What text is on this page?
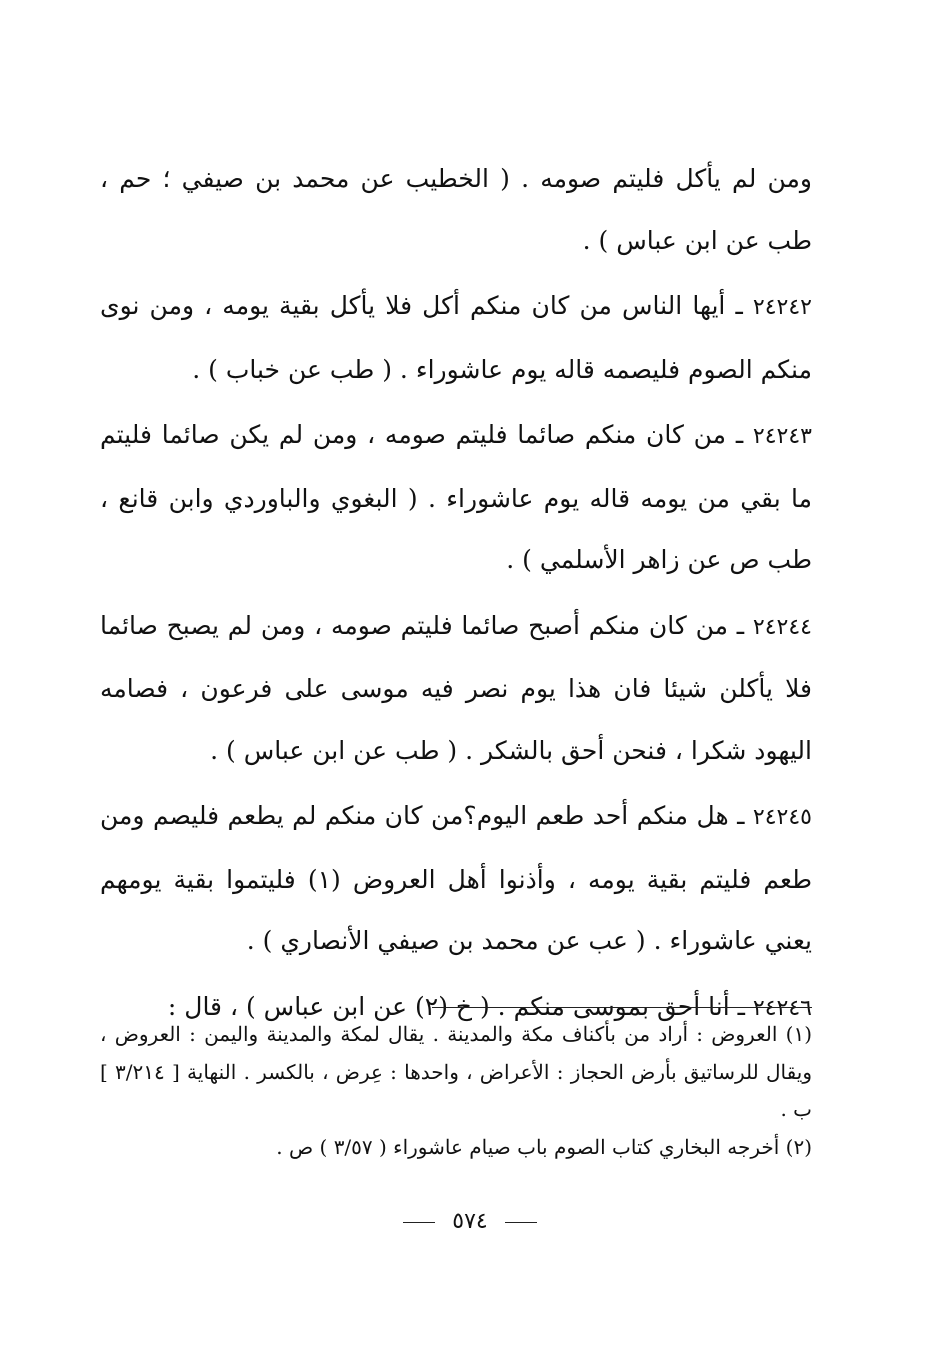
ومن لم يأكل فليتم صومه . ( الخطيب عن محمد بن صيفي ؛ حم ، طب عن ابن عباس ) .

٢٤٢٤٢ ـ أيها الناس من كان منكم أكل فلا يأكل بقية يومه ، ومن نوى منكم الصوم فليصمه قاله يوم عاشوراء . ( طب عن خباب ) .

٢٤٢٤٣ ـ من كان منكم صائما فليتم صومه ، ومن لم يكن صائما فليتم ما بقي من يومه قاله يوم عاشوراء . ( البغوي والباوردي وابن قانع ، طب ص عن زاهر الأسلمي ) .

٢٤٢٤٤ ـ من كان منكم أصبح صائما فليتم صومه ، ومن لم يصبح صائما فلا يأكلن شيئا فان هذا يوم نصر فيه موسى على فرعون ، فصامه اليهود شكرا ، فنحن أحق بالشكر . ( طب عن ابن عباس ) .

٢٤٢٤٥ ـ هل منكم أحد طعم اليوم؟من كان منكم لم يطعم فليصم ومن طعم فليتم بقية يومه ، وأذنوا أهل العروض (١) فليتموا بقية يومهم يعني عاشوراء . ( عب عن محمد بن صيفي الأنصاري ) .

٢٤٢٤٦ ـ أنا أحق بموسى منكم . ( خ (٢) عن ابن عباس ) ، قال :

(١) العروض : أراد من بأكناف مكة والمدينة . يقال لمكة والمدينة واليمن : العروض ، ويقال للرساتيق بأرض الحجاز : الأعراض ، واحدها : عِرض ، بالكسر . النهاية [ ٣/٢١٤ ] ب .

(٢) أخرجه البخاري كتاب الصوم باب صيام عاشوراء ( ٣/٥٧ ) ص .

٥٧٤
